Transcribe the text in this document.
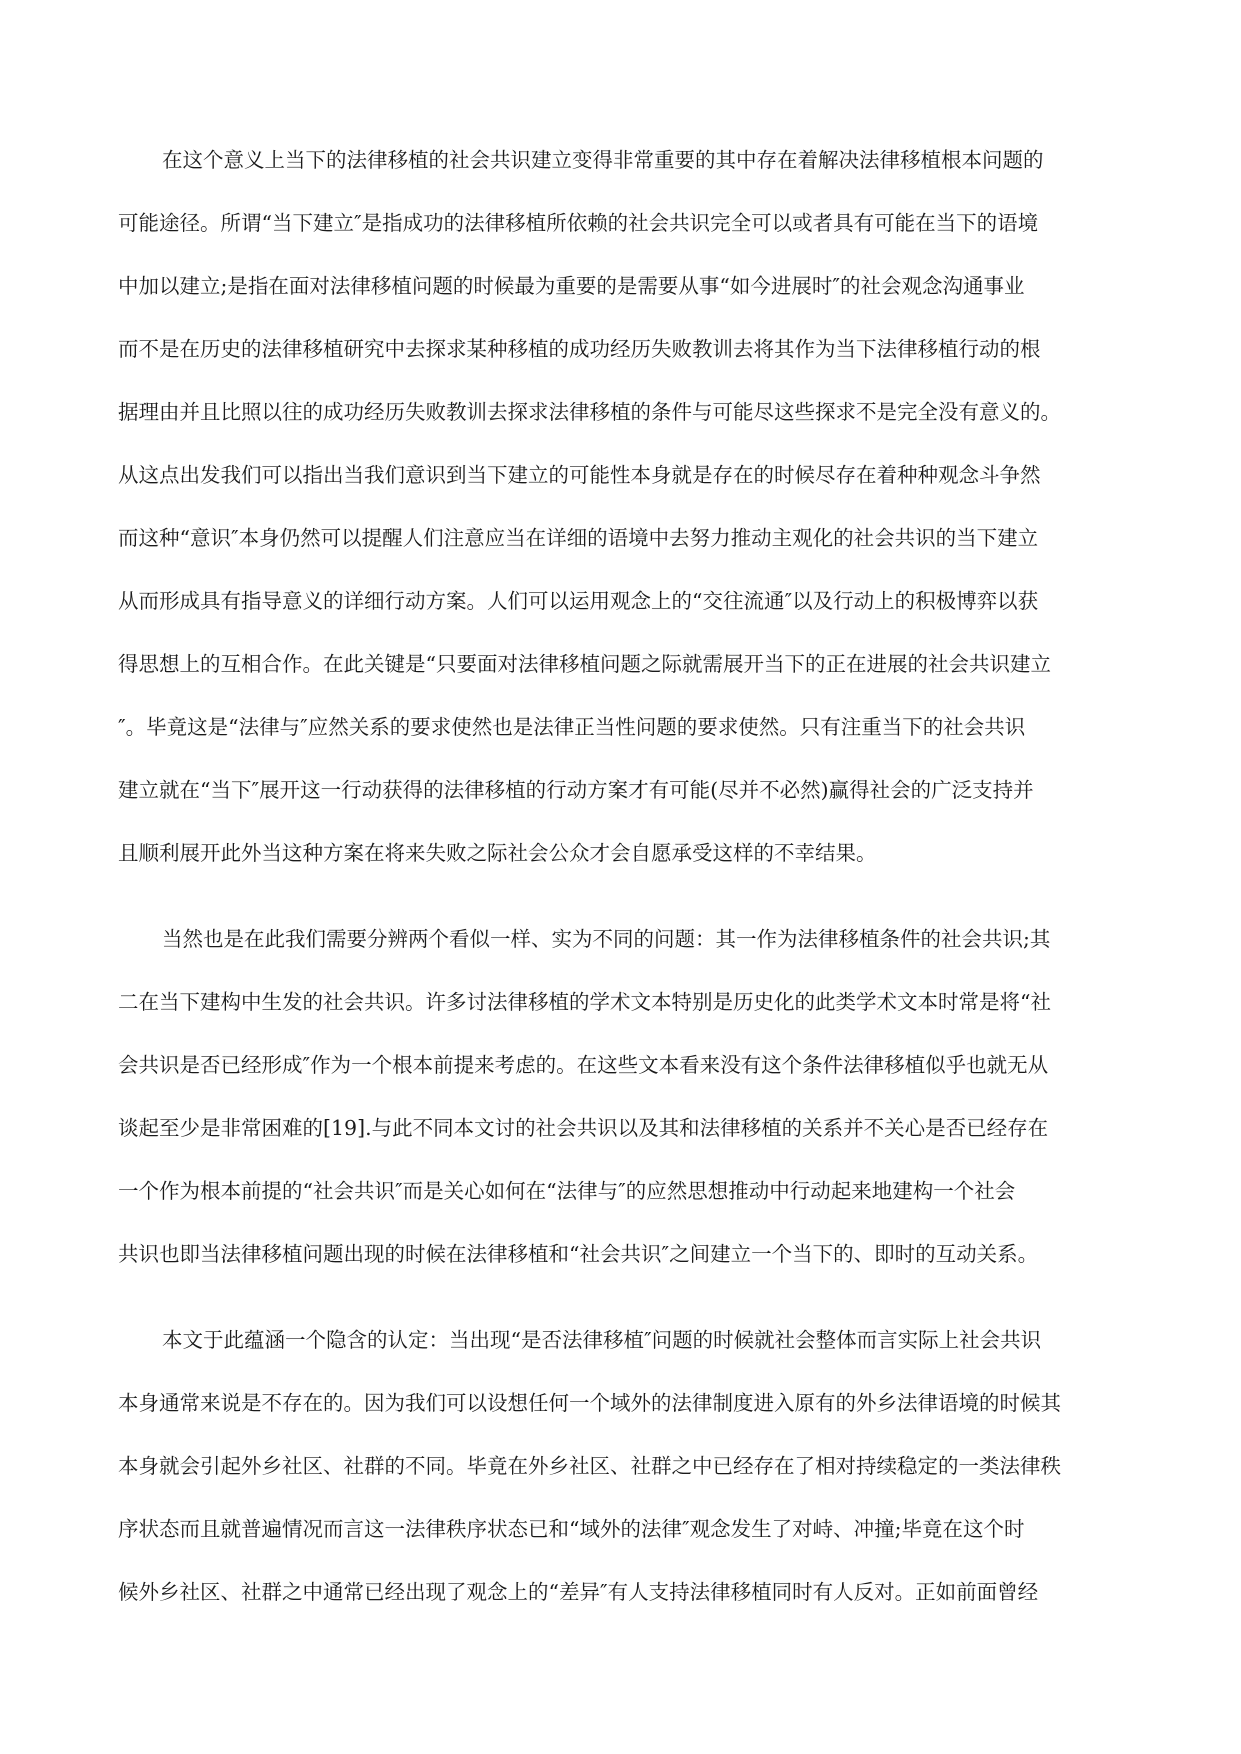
在这个意义上当下的法律移植的社会共识建立变得非常重要的其中存在着解决法律移植根本问题的
可能途径。所谓“当下建立″是指成功的法律移植所依赖的社会共识完全可以或者具有可能在当下的语境
中加以建立;是指在面对法律移植问题的时候最为重要的是需要从事“如今进展时″的社会观念沟通事业
而不是在历史的法律移植研究中去探求某种移植的成功经历失败教训去将其作为当下法律移植行动的根
据理由并且比照以往的成功经历失败教训去探求法律移植的条件与可能尽这些探求不是完全没有意义的。
从这点出发我们可以指出当我们意识到当下建立的可能性本身就是存在的时候尽存在着种种观念斗争然
而这种“意识″本身仍然可以提醒人们注意应当在详细的语境中去努力推动主观化的社会共识的当下建立
从而形成具有指导意义的详细行动方案。人们可以运用观念上的“交往流通″以及行动上的积极博弈以获
得思想上的互相合作。在此关键是“只要面对法律移植问题之际就需展开当下的正在进展的社会共识建立
″。毕竟这是“法律与″应然关系的要求使然也是法律正当性问题的要求使然。只有注重当下的社会共识
建立就在“当下″展开这一行动获得的法律移植的行动方案才有可能(尽并不必然)赢得社会的广泛支持并
且顺利展开此外当这种方案在将来失败之际社会公众才会自愿承受这样的不幸结果。
当然也是在此我们需要分辨两个看似一样、实为不同的问题：其一作为法律移植条件的社会共识;其
二在当下建构中生发的社会共识。许多讨法律移植的学术文本特别是历史化的此类学术文本时常是将“社
会共识是否已经形成″作为一个根本前提来考虑的。在这些文本看来没有这个条件法律移植似乎也就无从
谈起至少是非常困难的[19].与此不同本文讨的社会共识以及其和法律移植的关系并不关心是否已经存在
一个作为根本前提的“社会共识″而是关心如何在“法律与″的应然思想推动中行动起来地建构一个社会
共识也即当法律移植问题出现的时候在法律移植和“社会共识″之间建立一个当下的、即时的互动关系。
本文于此蕴涵一个隐含的认定：当出现“是否法律移植″问题的时候就社会整体而言实际上社会共识
本身通常来说是不存在的。因为我们可以设想任何一个域外的法律制度进入原有的外乡法律语境的时候其
本身就会引起外乡社区、社群的不同。毕竟在外乡社区、社群之中已经存在了相对持续稳定的一类法律秩
序状态而且就普遍情况而言这一法律秩序状态已和“域外的法律″观念发生了对峙、冲撞;毕竟在这个时
候外乡社区、社群之中通常已经出现了观念上的“差异″有人支持法律移植同时有人反对。正如前面曾经
